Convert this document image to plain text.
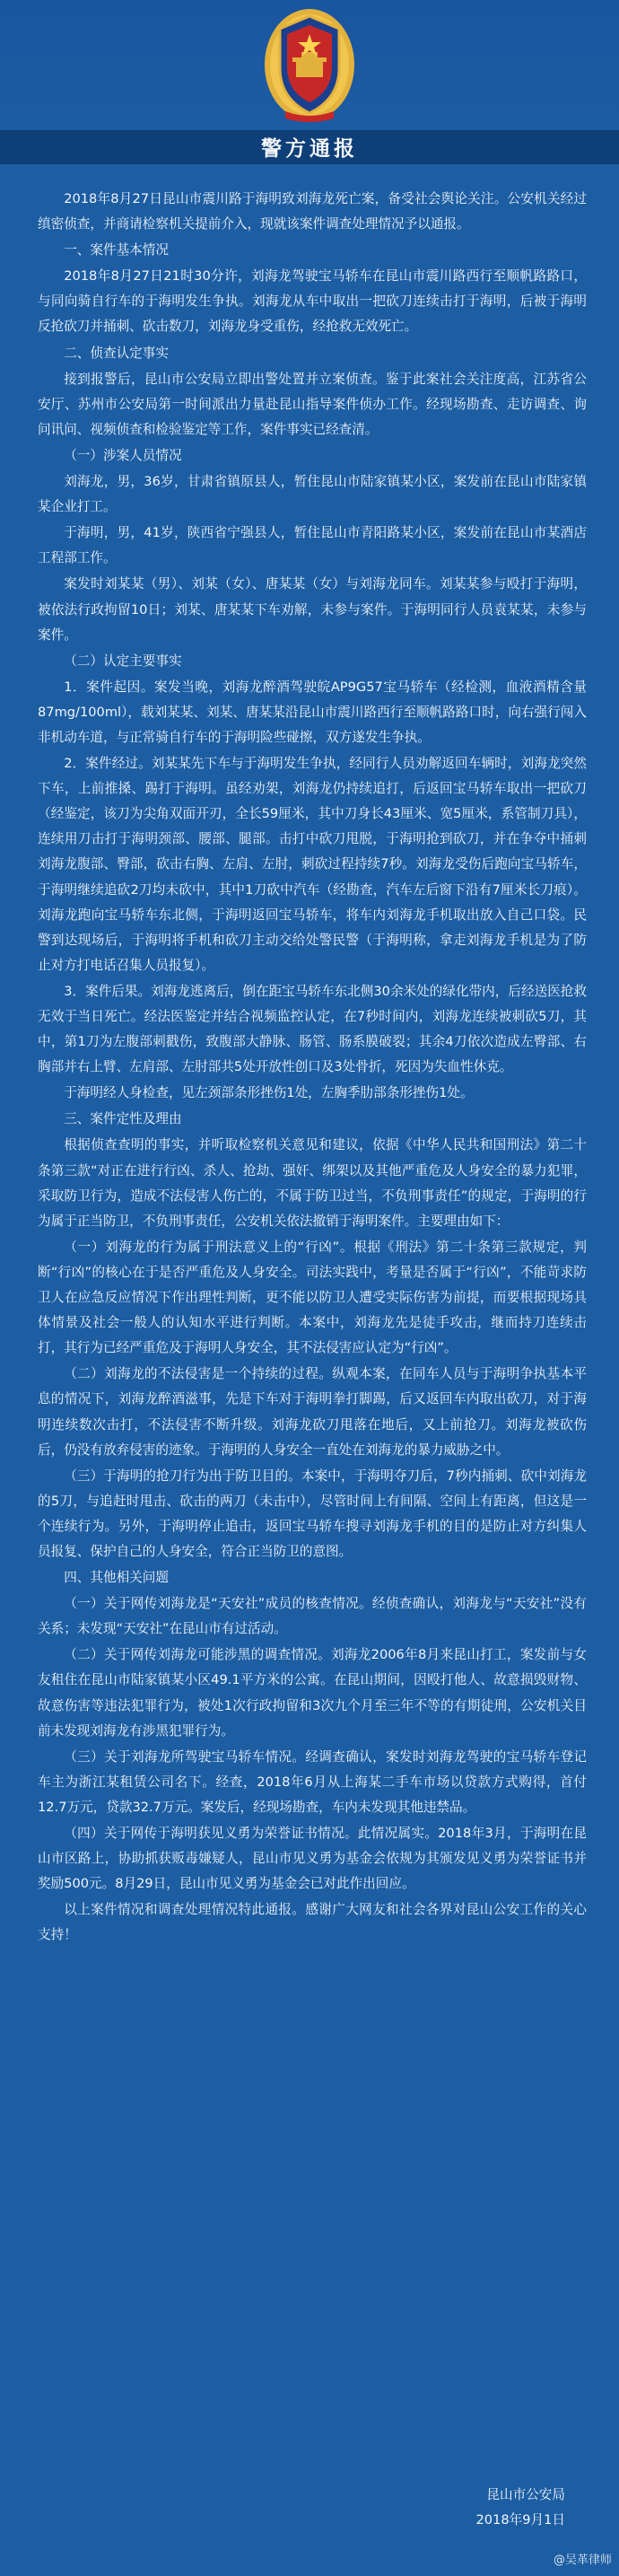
警方通报

2018年8月27日昆山市震川路于海明致刘海龙死亡案，备受社会舆论关注。公安机关经过缜密侦查，并商请检察机关提前介入，现就该案件调查处理情况予以通报。

一、案件基本情况

2018年8月27日21时30分许，刘海龙驾驶宝马轿车在昆山市震川路西行至顺帆路路口，与同向骑自行车的于海明发生争执。刘海龙从车中取出一把砍刀连续击打于海明，后被于海明反抢砍刀并捅刺、砍击数刀，刘海龙身受重伤，经抢救无效死亡。

二、侦查认定事实

接到报警后，昆山市公安局立即出警处置并立案侦查。鉴于此案社会关注度高，江苏省公安厅、苏州市公安局第一时间派出力量赴昆山指导案件侦办工作。经现场勘查、走访调查、询问讯问、视频侦查和检验鉴定等工作，案件事实已经查清。

（一）涉案人员情况

刘海龙，男，36岁，甘肃省镇原县人，暂住昆山市陆家镇某小区，案发前在昆山市陆家镇某企业打工。

于海明，男，41岁，陕西省宁强县人，暂住昆山市青阳路某小区，案发前在昆山市某酒店工程部工作。

案发时刘某某（男）、刘某（女）、唐某某（女）与刘海龙同车。刘某某参与殴打于海明，被依法行政拘留10日；刘某、唐某某下车劝解，未参与案件。于海明同行人员袁某某，未参与案件。

（二）认定主要事实

1．案件起因。案发当晚，刘海龙醉酒驾驶皖AP9G57宝马轿车（经检测，血液酒精含量87mg/100ml），载刘某某、刘某、唐某某沿昆山市震川路西行至顺帆路路口时，向右强行闯入非机动车道，与正常骑自行车的于海明险些碰擦，双方遂发生争执。

2．案件经过。刘某某先下车与于海明发生争执，经同行人员劝解返回车辆时，刘海龙突然下车，上前推搡、踢打于海明。虽经劝架，刘海龙仍持续追打，后返回宝马轿车取出一把砍刀（经鉴定，该刀为尖角双面开刃，全长59厘米，其中刀身长43厘米、宽5厘米，系管制刀具），连续用刀击打于海明颈部、腰部、腿部。击打中砍刀甩脱，于海明抢到砍刀，并在争夺中捅刺刘海龙腹部、臀部，砍击右胸、左肩、左肘，刺砍过程持续7秒。刘海龙受伤后跑向宝马轿车，于海明继续追砍2刀均未砍中，其中1刀砍中汽车（经勘查，汽车左后窗下沿有7厘米长刀痕）。刘海龙跑向宝马轿车东北侧，于海明返回宝马轿车，将车内刘海龙手机取出放入自己口袋。民警到达现场后，于海明将手机和砍刀主动交给处警民警（于海明称，拿走刘海龙手机是为了防止对方打电话召集人员报复）。

3．案件后果。刘海龙逃离后，倒在距宝马轿车东北侧30余米处的绿化带内，后经送医抢救无效于当日死亡。经法医鉴定并结合视频监控认定，在7秒时间内，刘海龙连续被刺砍5刀，其中，第1刀为左腹部刺戳伤，致腹部大静脉、肠管、肠系膜破裂；其余4刀依次造成左臀部、右胸部并右上臂、左肩部、左肘部共5处开放性创口及3处骨折，死因为失血性休克。

于海明经人身检查，见左颈部条形挫伤1处，左胸季肋部条形挫伤1处。

三、案件定性及理由

根据侦查查明的事实，并听取检察机关意见和建议，依据《中华人民共和国刑法》第二十条第三款“对正在进行行凶、杀人、抢劫、强奸、绑架以及其他严重危及人身安全的暴力犯罪，采取防卫行为，造成不法侵害人伤亡的，不属于防卫过当，不负刑事责任”的规定，于海明的行为属于正当防卫，不负刑事责任，公安机关依法撤销于海明案件。主要理由如下：

（一）刘海龙的行为属于刑法意义上的“行凶”。根据《刑法》第二十条第三款规定，判断“行凶”的核心在于是否严重危及人身安全。司法实践中，考量是否属于“行凶”，不能苛求防卫人在应急反应情况下作出理性判断，更不能以防卫人遭受实际伤害为前提，而要根据现场具体情景及社会一般人的认知水平进行判断。本案中，刘海龙先是徒手攻击，继而持刀连续击打，其行为已经严重危及于海明人身安全，其不法侵害应认定为“行凶”。

（二）刘海龙的不法侵害是一个持续的过程。纵观本案，在同车人员与于海明争执基本平息的情况下，刘海龙醉酒滋事，先是下车对于海明拳打脚踢，后又返回车内取出砍刀，对于海明连续数次击打，不法侵害不断升级。刘海龙砍刀甩落在地后，又上前抢刀。刘海龙被砍伤后，仍没有放弃侵害的迹象。于海明的人身安全一直处在刘海龙的暴力威胁之中。

（三）于海明的抢刀行为出于防卫目的。本案中，于海明夺刀后，7秒内捅刺、砍中刘海龙的5刀，与追赶时甩击、砍击的两刀（未击中），尽管时间上有间隔、空间上有距离，但这是一个连续行为。另外，于海明停止追击，返回宝马轿车搜寻刘海龙手机的目的是防止对方纠集人员报复、保护自己的人身安全，符合正当防卫的意图。

四、其他相关问题

（一）关于网传刘海龙是“天安社”成员的核查情况。经侦查确认，刘海龙与“天安社”没有关系；未发现“天安社”在昆山市有过活动。

（二）关于网传刘海龙可能涉黑的调查情况。刘海龙2006年8月来昆山打工，案发前与女友租住在昆山市陆家镇某小区49.1平方米的公寓。在昆山期间，因殴打他人、故意损毁财物、故意伤害等违法犯罪行为，被处1次行政拘留和3次九个月至三年不等的有期徒刑，公安机关目前未发现刘海龙有涉黑犯罪行为。

（三）关于刘海龙所驾驶宝马轿车情况。经调查确认，案发时刘海龙驾驶的宝马轿车登记车主为浙江某租赁公司名下。经查，2018年6月从上海某二手车市场以贷款方式购得，首付12.7万元，贷款32.7万元。案发后，经现场勘查，车内未发现其他违禁品。

（四）关于网传于海明获见义勇为荣誉证书情况。此情况属实。2018年3月，于海明在昆山市区路上，协助抓获贩毒嫌疑人，昆山市见义勇为基金会依规为其颁发见义勇为荣誉证书并奖励500元。8月29日，昆山市见义勇为基金会已对此作出回应。

以上案件情况和调查处理情况特此通报。感谢广大网友和社会各界对昆山公安工作的关心支持！

昆山市公安局
2018年9月1日
@吴革律师
